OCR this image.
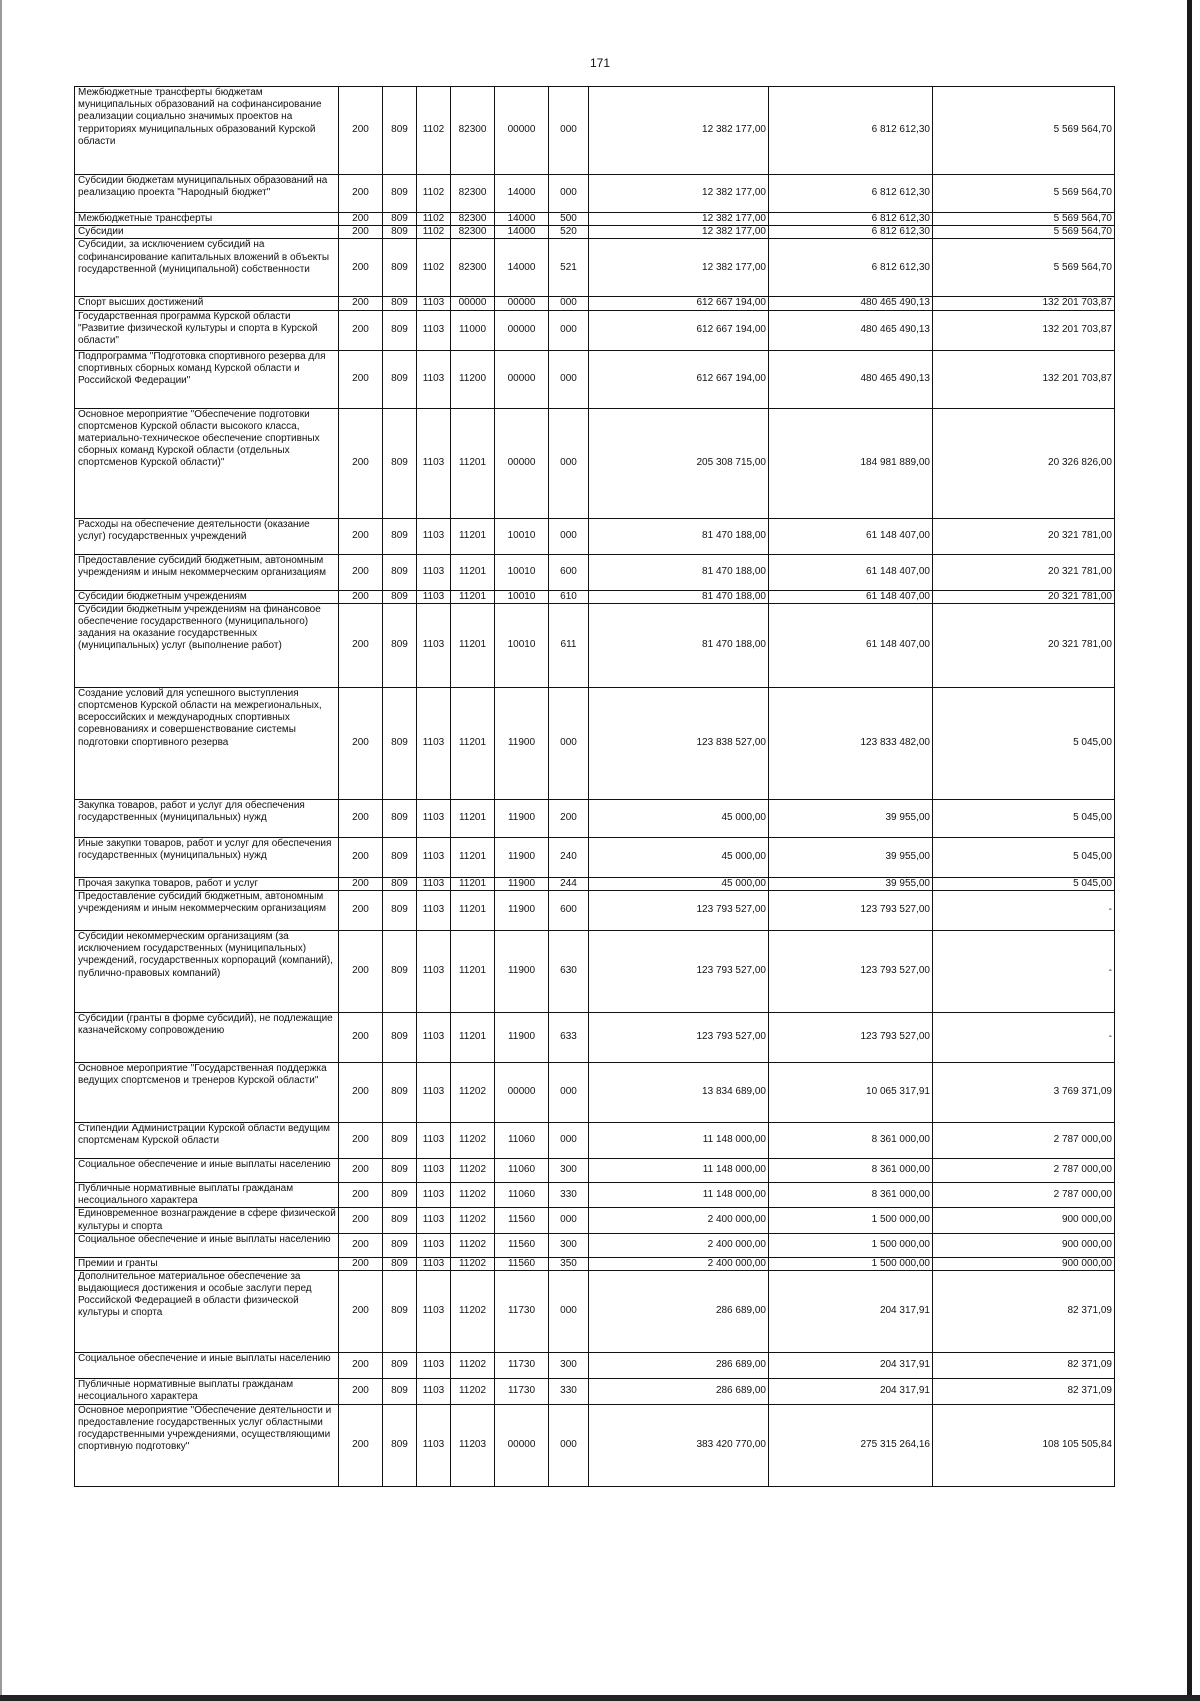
171
Межбюджетные трансферты бюджетам муниципальных образований на софинансирование реализации социально значимых проектов на территориях муниципальных образований Курской области	200	809	1102	82300	00000	000	12 382 177,00	6 812 612,30	5 569 564,70
Субсидии бюджетам муниципальных образований на реализацию проекта "Народный бюджет"	200	809	1102	82300	14000	000	12 382 177,00	6 812 612,30	5 569 564,70
Межбюджетные трансферты	200	809	1102	82300	14000	500	12 382 177,00	6 812 612,30	5 569 564,70
Субсидии	200	809	1102	82300	14000	520	12 382 177,00	6 812 612,30	5 569 564,70
Субсидии, за исключением субсидий на софинансирование капитальных вложений в объекты государственной (муниципальной) собственности	200	809	1102	82300	14000	521	12 382 177,00	6 812 612,30	5 569 564,70
Спорт высших достижений	200	809	1103	00000	00000	000	612 667 194,00	480 465 490,13	132 201 703,87
Государственная программа Курской области "Развитие физической культуры и спорта в Курской области"	200	809	1103	11000	00000	000	612 667 194,00	480 465 490,13	132 201 703,87
Подпрограмма "Подготовка спортивного резерва для спортивных сборных команд Курской области и Российской Федерации"	200	809	1103	11200	00000	000	612 667 194,00	480 465 490,13	132 201 703,87
Основное мероприятие "Обеспечение подготовки спортсменов Курской области высокого класса, материально-техническое обеспечение спортивных сборных команд Курской области (отдельных спортсменов Курской области)"	200	809	1103	11201	00000	000	205 308 715,00	184 981 889,00	20 326 826,00
Расходы на обеспечение деятельности (оказание услуг) государственных учреждений	200	809	1103	11201	10010	000	81 470 188,00	61 148 407,00	20 321 781,00
Предоставление субсидий бюджетным, автономным учреждениям и иным некоммерческим организациям	200	809	1103	11201	10010	600	81 470 188,00	61 148 407,00	20 321 781,00
Субсидии бюджетным учреждениям	200	809	1103	11201	10010	610	81 470 188,00	61 148 407,00	20 321 781,00
Субсидии бюджетным учреждениям на финансовое обеспечение государственного (муниципального) задания на оказание государственных (муниципальных) услуг (выполнение работ)	200	809	1103	11201	10010	611	81 470 188,00	61 148 407,00	20 321 781,00
Создание условий для успешного выступления спортсменов Курской области на межрегиональных, всероссийских и международных спортивных соревнованиях и совершенствование системы подготовки спортивного резерва	200	809	1103	11201	11900	000	123 838 527,00	123 833 482,00	5 045,00
Закупка товаров, работ и услуг для обеспечения государственных (муниципальных) нужд	200	809	1103	11201	11900	200	45 000,00	39 955,00	5 045,00
Иные закупки товаров, работ и услуг для обеспечения государственных (муниципальных) нужд	200	809	1103	11201	11900	240	45 000,00	39 955,00	5 045,00
Прочая закупка товаров, работ и услуг	200	809	1103	11201	11900	244	45 000,00	39 955,00	5 045,00
Предоставление субсидий бюджетным, автономным учреждениям и иным некоммерческим организациям	200	809	1103	11201	11900	600	123 793 527,00	123 793 527,00	-
Субсидии некоммерческим организациям (за исключением государственных (муниципальных) учреждений, государственных корпораций (компаний), публично-правовых компаний)	200	809	1103	11201	11900	630	123 793 527,00	123 793 527,00	-
Субсидии (гранты в форме субсидий), не подлежащие казначейскому сопровождению	200	809	1103	11201	11900	633	123 793 527,00	123 793 527,00	-
Основное мероприятие "Государственная поддержка ведущих спортсменов и тренеров Курской области"	200	809	1103	11202	00000	000	13 834 689,00	10 065 317,91	3 769 371,09
Стипендии Администрации Курской области ведущим спортсменам Курской области	200	809	1103	11202	11060	000	11 148 000,00	8 361 000,00	2 787 000,00
Социальное обеспечение и иные выплаты населению	200	809	1103	11202	11060	300	11 148 000,00	8 361 000,00	2 787 000,00
Публичные нормативные выплаты гражданам несоциального характера	200	809	1103	11202	11060	330	11 148 000,00	8 361 000,00	2 787 000,00
Единовременное вознаграждение в сфере физической культуры и спорта	200	809	1103	11202	11560	000	2 400 000,00	1 500 000,00	900 000,00
Социальное обеспечение и иные выплаты населению	200	809	1103	11202	11560	300	2 400 000,00	1 500 000,00	900 000,00
Премии и гранты	200	809	1103	11202	11560	350	2 400 000,00	1 500 000,00	900 000,00
Дополнительное материальное обеспечение за выдающиеся достижения и особые заслуги перед Российской Федерацией в области физической культуры и спорта	200	809	1103	11202	11730	000	286 689,00	204 317,91	82 371,09
Социальное обеспечение и иные выплаты населению	200	809	1103	11202	11730	300	286 689,00	204 317,91	82 371,09
Публичные нормативные выплаты гражданам несоциального характера	200	809	1103	11202	11730	330	286 689,00	204 317,91	82 371,09
Основное мероприятие "Обеспечение деятельности и предоставление государственных услуг областными государственными учреждениями, осуществляющими спортивную подготовку"	200	809	1103	11203	00000	000	383 420 770,00	275 315 264,16	108 105 505,84
